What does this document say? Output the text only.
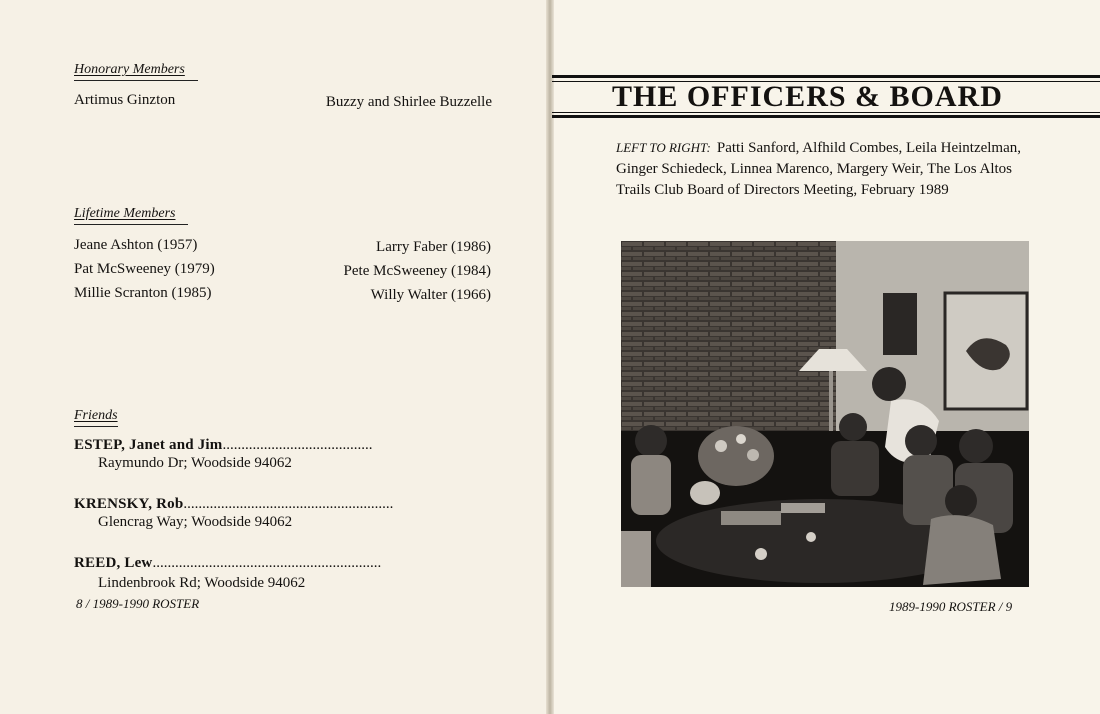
Honorary Members
Artimus Ginzton	Buzzy and Shirlee Buzzelle
Lifetime Members
Jeane Ashton (1957)
Pat McSweeney (1979)
Millie Scranton (1985)
Larry Faber (1986)
Pete McSweeney (1984)
Willy Walter (1966)
Friends
ESTEP, Janet and Jim........................................
Raymundo Dr; Woodside 94062
KRENSKY, Rob........................................................
Glencrag Way; Woodside 94062
REED, Lew.............................................................
Lindenbrook Rd; Woodside 94062
8 / 1989-1990 ROSTER
THE OFFICERS & BOARD
LEFT TO RIGHT: Patti Sanford, Alfhild Combes, Leila Heintzelman, Ginger Schiedeck, Linnea Marenco, Margery Weir, The Los Altos Trails Club Board of Directors Meeting, February 1989
1989-1990 ROSTER / 9
